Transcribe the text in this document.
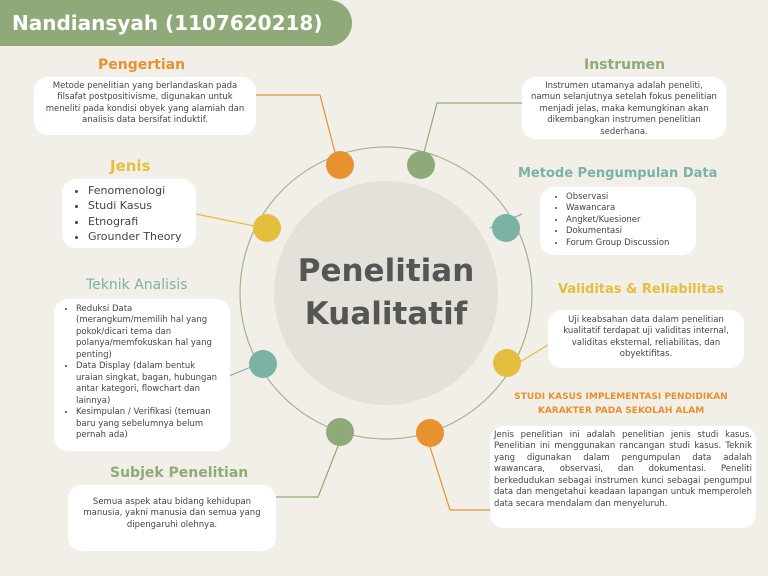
Nandiansyah (1107620218)
Penelitian
Kualitatif
Pengertian
Metode penelitian yang berlandaskan pada filsafat postpositivisme, digunakan untuk meneliti pada kondisi obyek yang alamiah dan analisis data bersifat induktif.
Instrumen
Instrumen utamanya adalah peneliti, namun selanjutnya setelah fokus penelitian menjadi jelas, maka kemungkinan akan dikembangkan instrumen penelitian sederhana.
Jenis
• Fenomenologi
• Studi Kasus
• Etnografi
• Grounder Theory
Metode Pengumpulan Data
• Observasi
• Wawancara
• Angket/Kuesioner
• Dokumentasi
• Forum Group Discussion
Teknik Analisis
• Reduksi Data (merangkum/memilih hal yang pokok/dicari tema dan polanya/memfokuskan hal yang penting)
• Data Display (dalam bentuk uraian singkat, bagan, hubungan antar kategori, flowchart dan lainnya)
• Kesimpulan / Verifikasi (temuan baru yang sebelumnya belum pernah ada)
Validitas & Reliabilitas
Uji keabsahan data dalam penelitian kualitatif terdapat uji validitas internal, validitas eksternal, reliabilitas, dan obyektifitas.
STUDI KASUS IMPLEMENTASI PENDIDIKAN KARAKTER PADA SEKOLAH ALAM
Jenis penelitian ini adalah penelitian jenis studi kasus. Penelitian ini menggunakan rancangan studi kasus. Teknik yang digunakan dalam pengumpulan data adalah wawancara, observasi, dan dokumentasi. Peneliti berkedudukan sebagai instrumen kunci sebagai pengumpul data dan mengetahui keadaan lapangan untuk memperoleh data secara mendalam dan menyeluruh.
Subjek Penelitian
Semua aspek atau bidang kehidupan manusia, yakni manusia dan semua yang dipengaruhi olehnya.
